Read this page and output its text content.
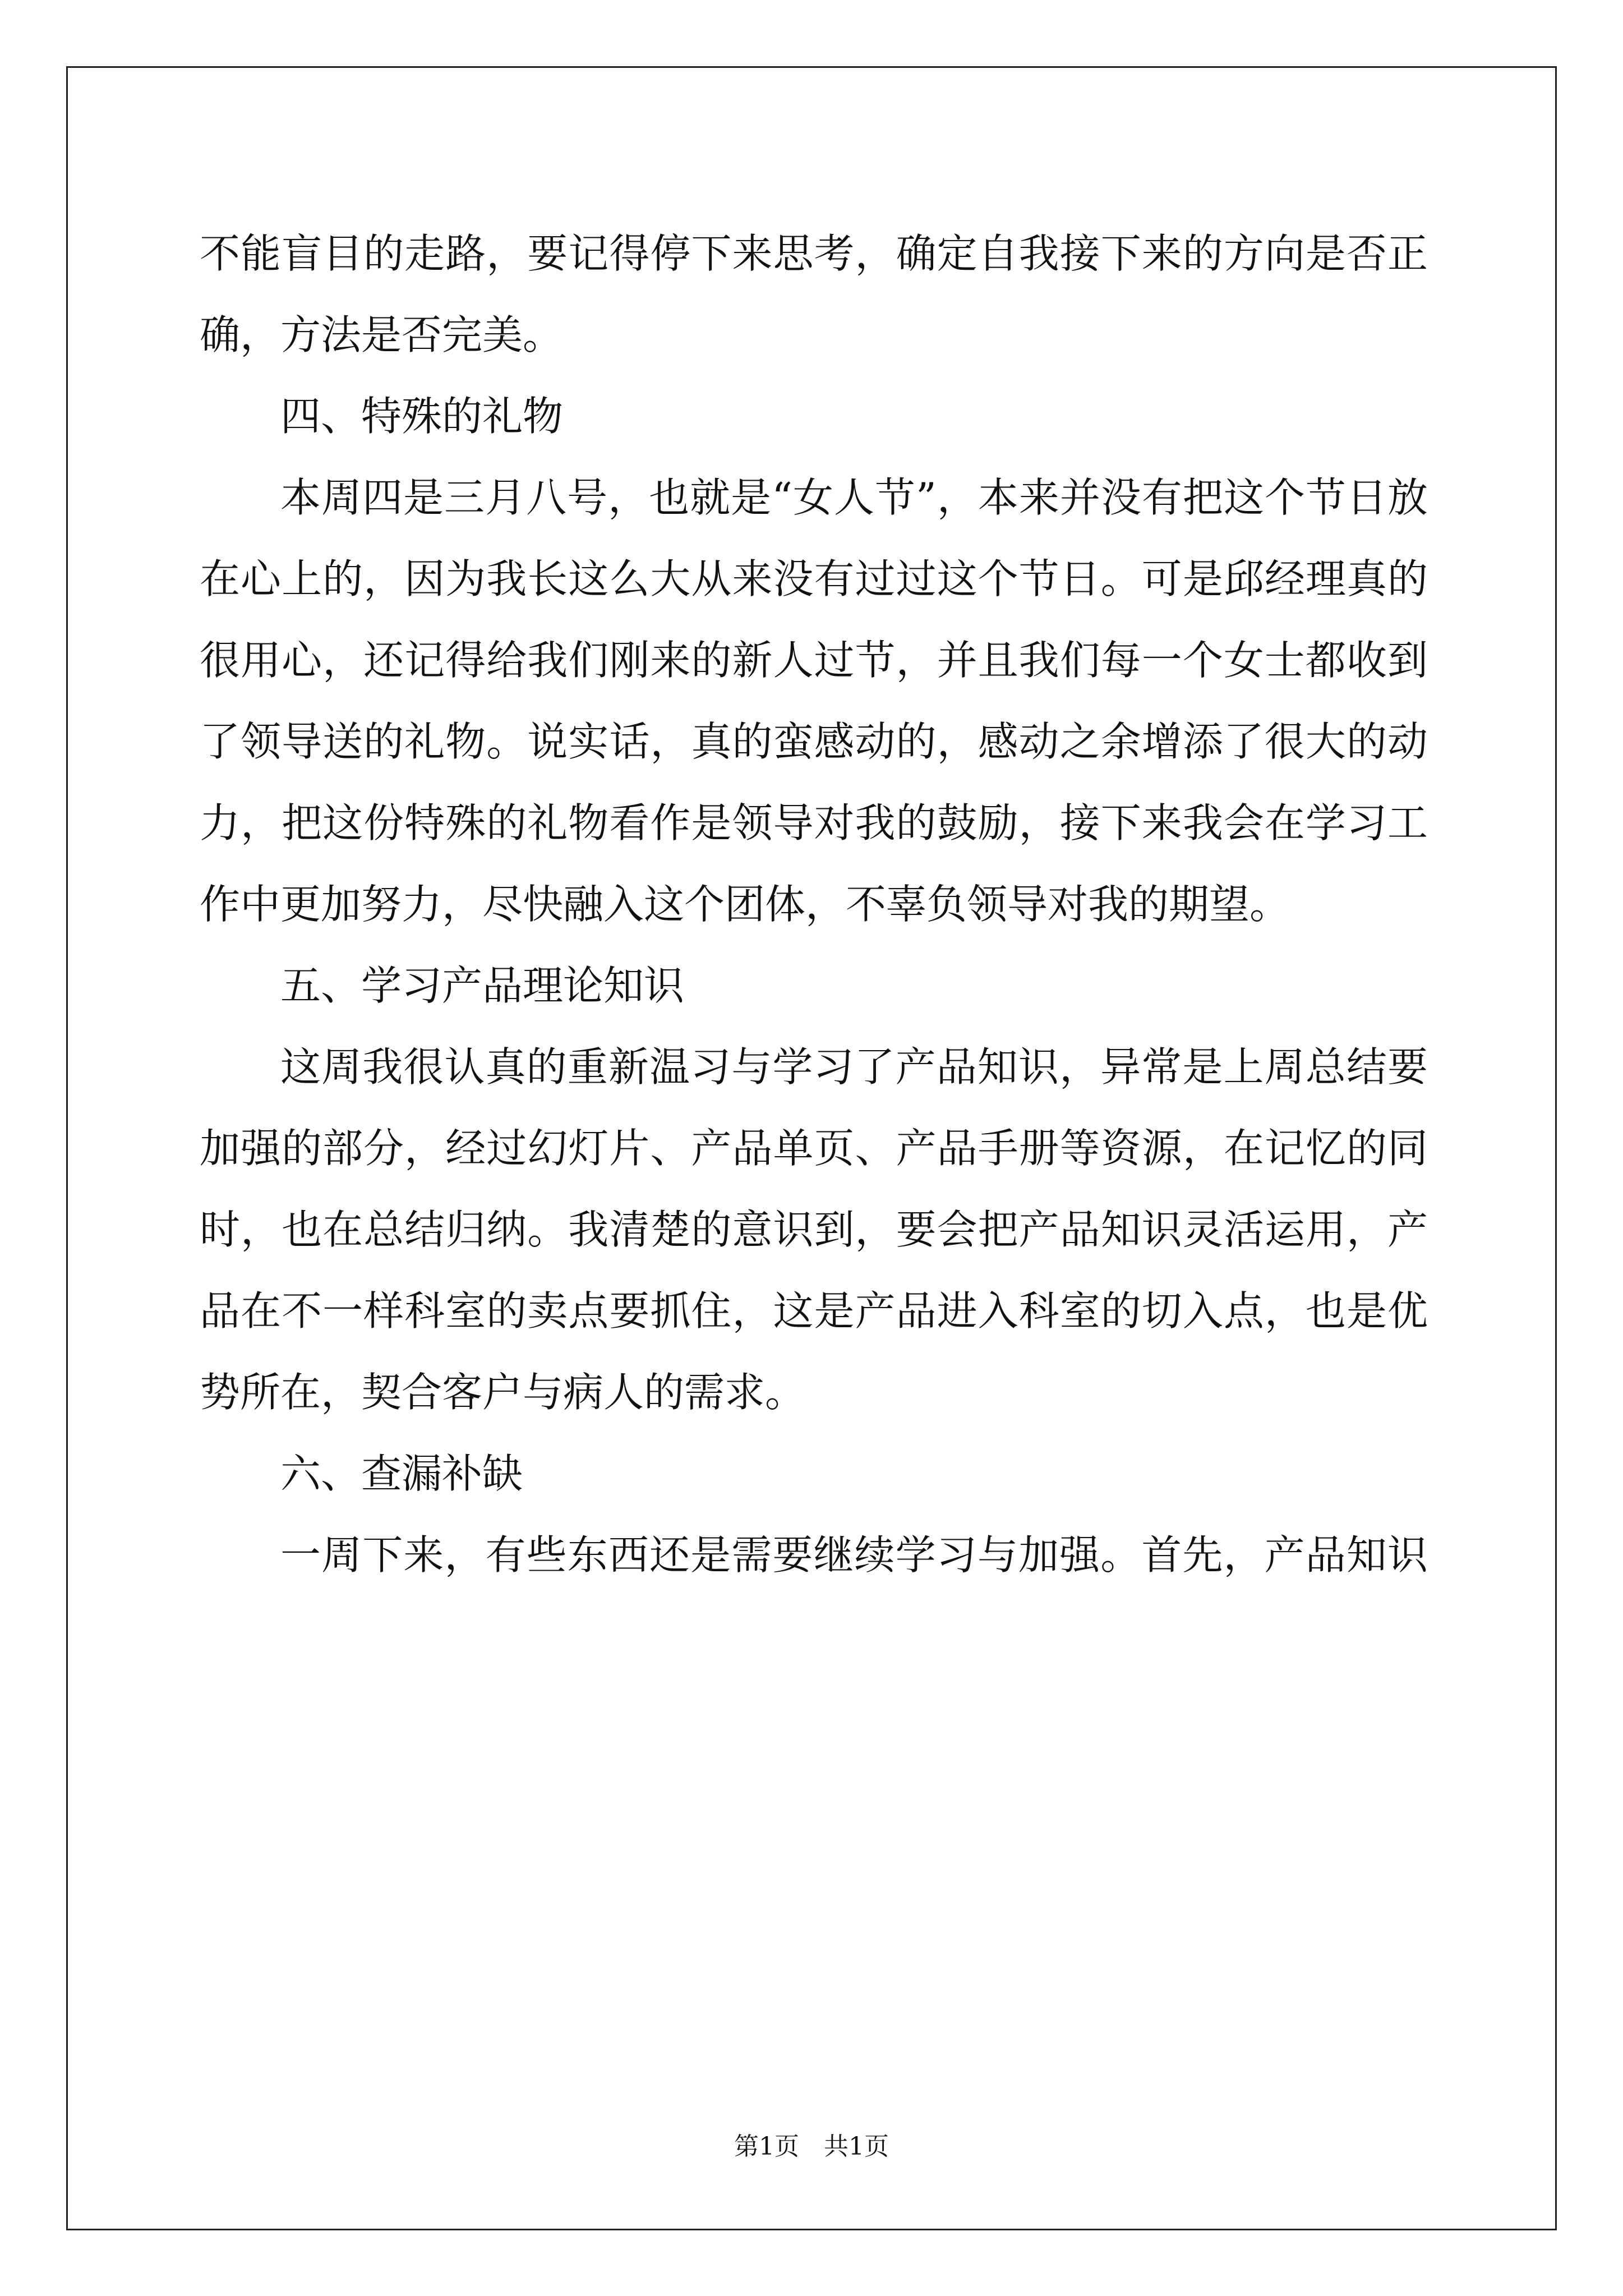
不能盲目的走路，要记得停下来思考，确定自我接下来的方向是否正
确，方法是否完美。
四、特殊的礼物
本周四是三月八号，也就是“女人节”，本来并没有把这个节日放
在心上的，因为我长这么大从来没有过过这个节日。可是邱经理真的
很用心，还记得给我们刚来的新人过节，并且我们每一个女士都收到
了领导送的礼物。说实话，真的蛮感动的，感动之余增添了很大的动
力，把这份特殊的礼物看作是领导对我的鼓励，接下来我会在学习工
作中更加努力，尽快融入这个团体，不辜负领导对我的期望。
五、学习产品理论知识
这周我很认真的重新温习与学习了产品知识，异常是上周总结要
加强的部分，经过幻灯片、产品单页、产品手册等资源，在记忆的同
时，也在总结归纳。我清楚的意识到，要会把产品知识灵活运用，产
品在不一样科室的卖点要抓住，这是产品进入科室的切入点，也是优
势所在，契合客户与病人的需求。
六、查漏补缺
一周下来，有些东西还是需要继续学习与加强。首先，产品知识
第1页　共1页
